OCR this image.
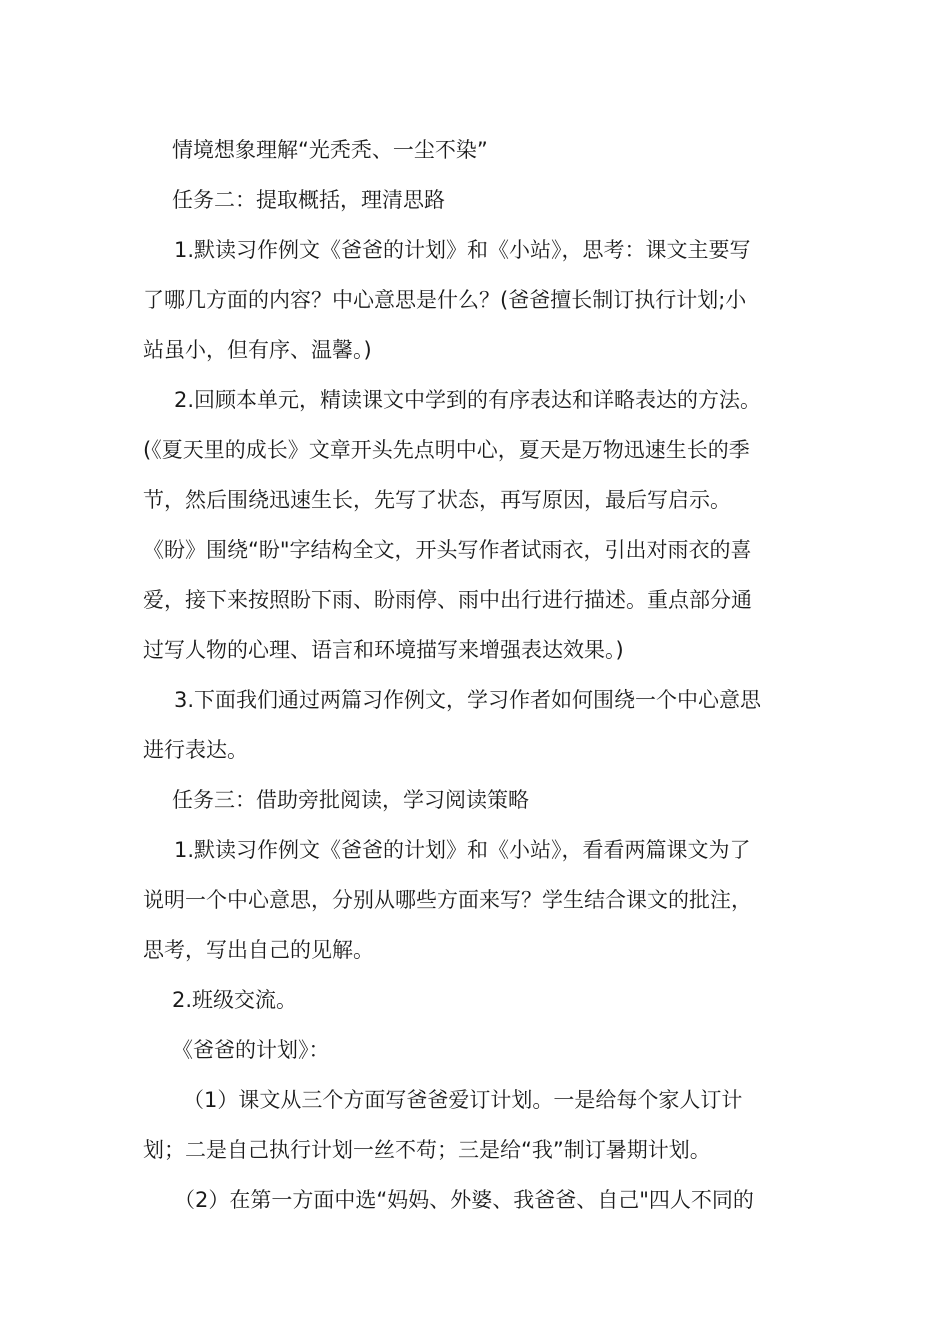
情境想象理解“光秃秃、一尘不染”

任务二：提取概括，理清思路

1.默读习作例文《爸爸的计划》和《小站》，思考：课文主要写

了哪几方面的内容？中心意思是什么？(爸爸擅长制订执行计划;小

站虽小，但有序、温馨。)

2.回顾本单元，精读课文中学到的有序表达和详略表达的方法。

(《夏天里的成长》文章开头先点明中心，夏天是万物迅速生长的季

节，然后围绕迅速生长，先写了状态，再写原因，最后写启示。

《盼》围绕“盼"字结构全文，开头写作者试雨衣，引出对雨衣的喜

爱，接下来按照盼下雨、盼雨停、雨中出行进行描述。重点部分通

过写人物的心理、语言和环境描写来增强表达效果。)

3.下面我们通过两篇习作例文，学习作者如何围绕一个中心意思

进行表达。

任务三：借助旁批阅读，学习阅读策略

1.默读习作例文《爸爸的计划》和《小站》，看看两篇课文为了

说明一个中心意思，分别从哪些方面来写？学生结合课文的批注，

思考，写出自己的见解。

2.班级交流。

《爸爸的计划》：

（1）课文从三个方面写爸爸爱订计划。一是给每个家人订计

划；二是自己执行计划一丝不苟；三是给“我”制订暑期计划。

（2）在第一方面中选“妈妈、外婆、我爸爸、自己"四人不同的
